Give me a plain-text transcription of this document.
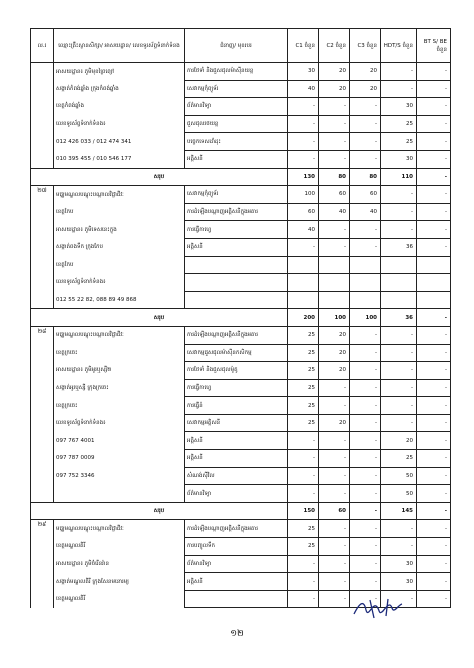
ល.រ	ឈ្មោះគ្រឹះស្ថានសិក្សា/ អាសយដ្ឋាន/ លេខទូរស័ព្ទទំនាក់ទំនង	ជំនាញ/ មុខរបរ	C1 ចំនួន	C2 ចំនួន	C3 ចំនួន	HDT/S ចំនួន	BT S/ BE ចំនួន
	អាសយដ្ឋាន៖ ភូមិមុខព្រៃព្យៅ	ការថែទាំ និងជួសជុលម៉ាស៊ីនយន្ត	30	20	20	-	-
	សង្កាត់កំពង់ឆ្នាំង ក្រុងកំពង់ឆ្នាំង	សេវាកម្មកុំព្យូទ័រ	40	20	20	-	-
	ខេត្តកំពង់ឆ្នាំង	ព័ត៌មានវិទ្យា	-	-	-	30	-
	លេខទូរស័ព្ទទំនាក់ទំនង៖	ជួសជុលរថយន្ត	-	-	-	25	-
	012 426 033 / 012 474 341	បច្ចេកទេសដាំដុះ	-	-	-	25	-
	010 395 455 / 010 546 177	អគ្គិសនី	-	-	-	30	-
សរុប			130	80	80	110	-
២៧	មជ្ឈមណ្ឌលបណ្តុះបណ្តាលវិជ្ជាជីវៈ	សេវាកម្មកុំព្យូទ័រ	100	60	60	-	-
	ខេត្តកែប	ការដំឡើងបណ្តាញអគ្គិសនីក្នុងអគារ	60	40	40	-	-
	អាសយដ្ឋាន៖ ភូមិទេសនេះក្លូង	ការធ្វើកាហ្វេ	40	-	-	-	-
	សង្កាត់ពងទឹក ក្រុងកែប	អគ្គិសនី	-	-	-	36	-
	ខេត្តកែប						
	លេខទូរស័ព្ទទំនាក់ទំនង៖						
	012 55 22 82, 088 89 49 868						
សរុប			200	100	100	36	-
២៨	មជ្ឈមណ្ឌលបណ្តុះបណ្តាលវិជ្ជាជីវៈ	ការដំឡើងបណ្តាញអគ្គិសនីក្នុងអគារ	25	20	-	-	-
	ខេត្តក្រចេះ	សេវាកម្មជួសជុលម៉ាស៊ីនកសិកម្ម	25	20	-	-	-
	អាសយដ្ឋាន៖ ភូមិអូរឬស្សី២	ការថែទាំ និងជួសជុលម៉ូតូ	25	20	-	-	-
	សង្កាត់អូរឬស្សី ក្រុងក្រចេះ	ការធ្វើកាហ្វេ	25	-	-	-	-
	ខេត្តក្រចេះ	ការធ្វើនំ	25	-	-	-	-
	លេខទូរស័ព្ទទំនាក់ទំនង៖	សេវាកម្មអគ្គិសនី	25	20	-	-	-
	097 767 4001	អគ្គិសនី	-	-	-	20	-
	097 787 0009	អគ្គិសនី	-	-	-	25	-
	097 752 3346	សំណង់ស៊ីវិល	-	-	-	50	-
		ព័ត៌មានវិទ្យា	-	-	-	50	-
សរុប			150	60	-	145	-
២៩	មជ្ឈមណ្ឌលបណ្តុះបណ្តាលវិជ្ជាជីវៈ	ការដំឡើងបណ្តាញអគ្គិសនីក្នុងអគារ	25	-	-	-	-
	ខេត្តមណ្ឌលគិរី	ការបញ្ចូលទឹក	25	-	-	-	-
	អាសយដ្ឋាន៖ ភូមិចំរើនរ៉ាន	ព័ត៌មានវិទ្យា	-	-	-	30	-
	សង្កាត់មណ្ឌលគិរី ក្រុងសែនមនោរម្យ	អគ្គិសនី	-	-	-	30	-
	ខេត្តមណ្ឌលគិរី		-	-	-	-	-
១២
